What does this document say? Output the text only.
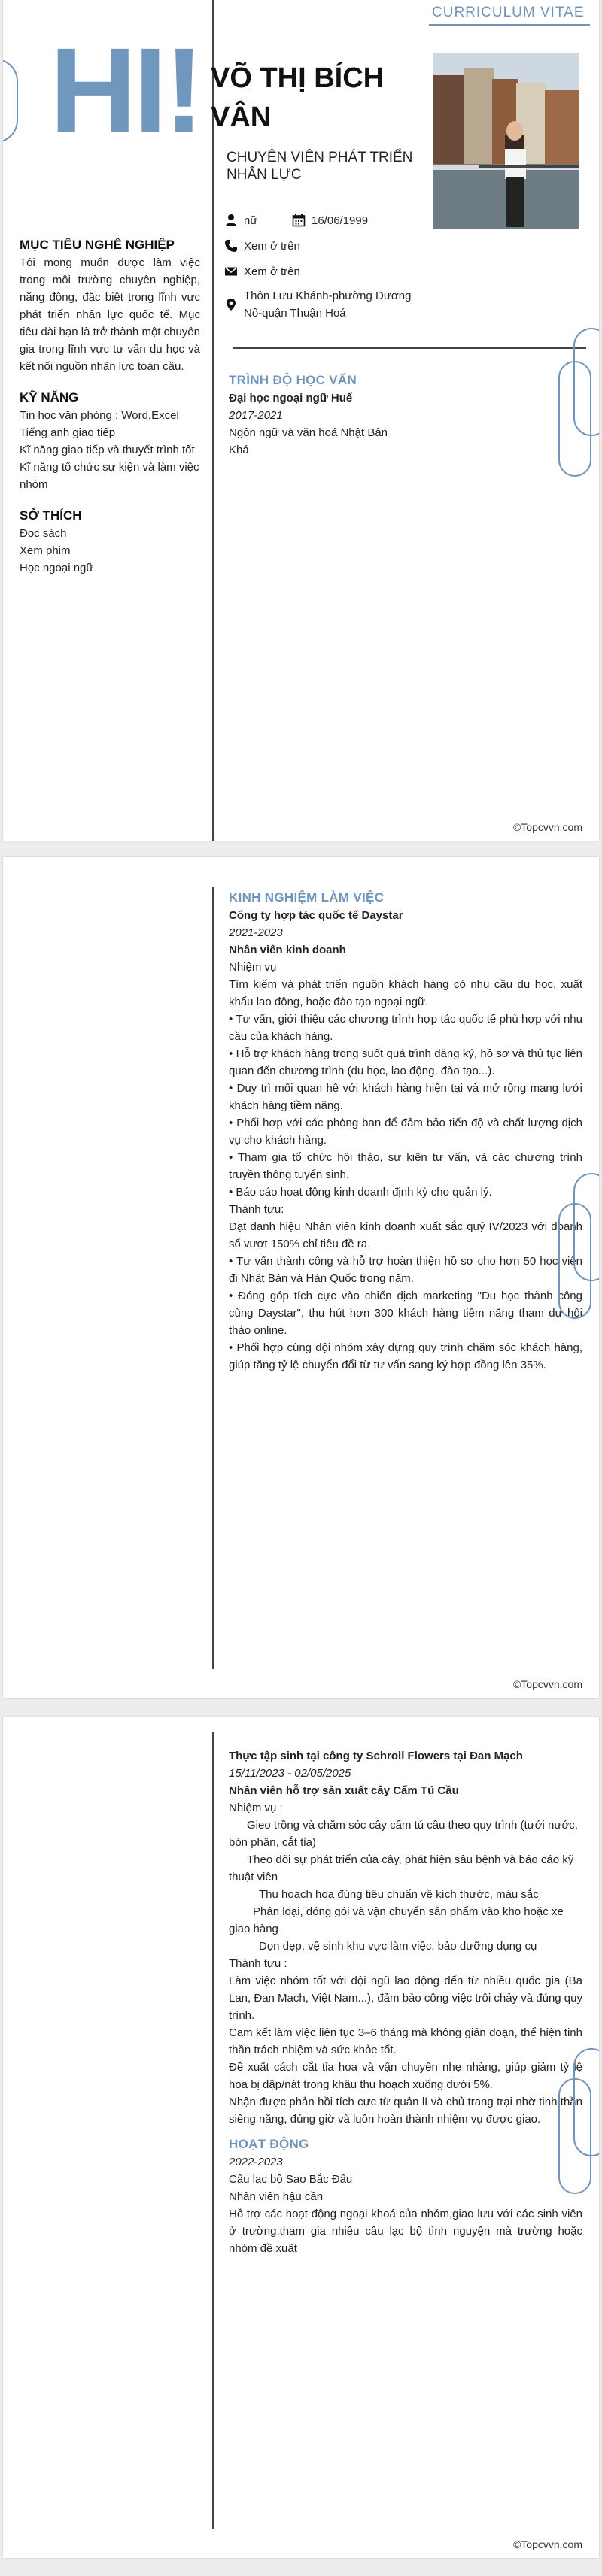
CURRICULUM VITAE
HI! VÕ THỊ BÍCH VÂN
CHUYÊN VIÊN PHÁT TRIỂN NHÂN LỰC
nữ	16/06/1999
Xem ở trên
Xem ở trên
Thôn Lưu Khánh-phường Dương Nổ-quận Thuận Hoá
MỤC TIÊU NGHỀ NGHIỆP

Tôi mong muốn được làm việc trong môi trường chuyên nghiệp, năng động, đặc biệt trong lĩnh vực phát triển nhân lực quốc tế. Mục tiêu dài hạn là trở thành một chuyên gia trong lĩnh vực tư vấn du học và kết nối nguồn nhân lực toàn cầu.

KỸ NĂNG

Tin học văn phòng : Word,Excel

Tiếng anh giao tiếp

Kĩ năng giao tiếp và thuyết trình tốt

Kĩ năng tổ chức sự kiện và làm việc nhóm

SỞ THÍCH

Đọc sách

Xem phim

Học ngoại ngữ

TRÌNH ĐỘ HỌC VẤN

Đại học ngoại ngữ Huế

2017-2021

Ngôn ngữ và văn hoá Nhật Bản

Khá

©Topcvvn.com
KINH NGHIỆM LÀM VIỆC

Công ty hợp tác quốc tế Daystar

2021-2023

Nhân viên kinh doanh

Nhiệm vụ

Tìm kiếm và phát triển nguồn khách hàng có nhu cầu du học, xuất khẩu lao động, hoặc đào tạo ngoại ngữ.

• Tư vấn, giới thiệu các chương trình hợp tác quốc tế phù hợp với nhu cầu của khách hàng.

• Hỗ trợ khách hàng trong suốt quá trình đăng ký, hồ sơ và thủ tục liên quan đến chương trình (du học, lao động, đào tạo...).

• Duy trì mối quan hệ với khách hàng hiện tại và mở rộng mạng lưới khách hàng tiềm năng.

• Phối hợp với các phòng ban để đảm bảo tiến độ và chất lượng dịch vụ cho khách hàng.

• Tham gia tổ chức hội thảo, sự kiện tư vấn, và các chương trình truyền thông tuyển sinh.

• Báo cáo hoạt động kinh doanh định kỳ cho quản lý.

Thành tựu:

Đạt danh hiệu Nhân viên kinh doanh xuất sắc quý IV/2023 với doanh số vượt 150% chỉ tiêu đề ra.

• Tư vấn thành công và hỗ trợ hoàn thiện hồ sơ cho hơn 50 học viên đi Nhật Bản và Hàn Quốc trong năm.

• Đóng góp tích cực vào chiến dịch marketing "Du học thành công cùng Daystar", thu hút hơn 300 khách hàng tiềm năng tham dự hội thảo online.

• Phối hợp cùng đội nhóm xây dựng quy trình chăm sóc khách hàng, giúp tăng tỷ lệ chuyển đổi từ tư vấn sang ký hợp đồng lên 35%.

©Topcvvn.com

Thực tập sinh tại công ty Schroll Flowers tại Đan Mạch

15/11/2023 - 02/05/2025

Nhân viên hỗ trợ sản xuất cây Cẩm Tú Cầu

Nhiệm vụ :

Gieo trồng và chăm sóc cây cẩm tú cầu theo quy trình (tưới nước, bón phân, cắt tỉa)

Theo dõi sự phát triển của cây, phát hiện sâu bệnh và báo cáo kỹ thuật viên

Thu hoạch hoa đúng tiêu chuẩn về kích thước, màu sắc

Phân loại, đóng gói và vận chuyển sản phẩm vào kho hoặc xe giao hàng

Dọn dẹp, vệ sinh khu vực làm việc, bảo dưỡng dụng cụ

Thành tựu :

Làm việc nhóm tốt với đội ngũ lao động đến từ nhiều quốc gia (Ba Lan, Đan Mạch, Việt Nam...), đảm bảo công việc trôi chảy và đúng quy trình.

Cam kết làm việc liên tục 3–6 tháng mà không gián đoạn, thể hiện tinh thần trách nhiệm và sức khỏe tốt.

Đề xuất cách cắt tỉa hoa và vận chuyển nhẹ nhàng, giúp giảm tỷ lệ hoa bị dập/nát trong khâu thu hoạch xuống dưới 5%.

Nhận được phản hồi tích cực từ quản lí và chủ trang trại nhờ tinh thần siêng năng, đúng giờ và luôn hoàn thành nhiệm vụ được giao.

HOẠT ĐỘNG

2022-2023

Câu lạc bộ Sao Bắc Đẩu

Nhân viên hậu cần

Hỗ trợ các hoạt động ngoại khoá của nhóm,giao lưu với các sinh viên ở trường,tham gia nhiều câu lạc bộ tình nguyện mà trường hoặc nhóm đề xuất

©Topcvvn.com
